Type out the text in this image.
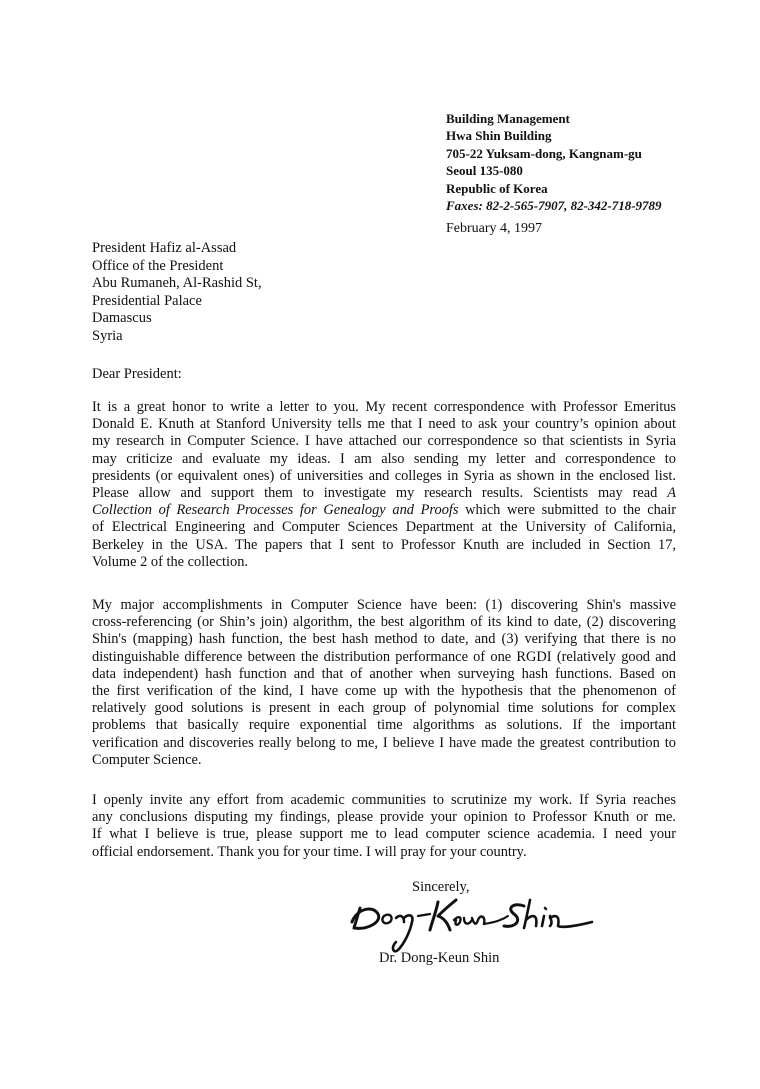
Building Management
Hwa Shin Building
705-22 Yuksam-dong, Kangnam-gu
Seoul 135-080
Republic of Korea
Faxes: 82-2-565-7907, 82-342-718-9789
February 4, 1997
President Hafiz al-Assad
Office of the President
Abu Rumaneh, Al-Rashid St,
Presidential Palace
Damascus
Syria
Dear President:
It is a great honor to write a letter to you. My recent correspondence with Professor Emeritus
Donald E. Knuth at Stanford University tells me that I need to ask your country’s opinion about
my research in Computer Science. I have attached our correspondence so that scientists in Syria
may criticize and evaluate my ideas. I am also sending my letter and correspondence to
presidents (or equivalent ones) of universities and colleges in Syria as shown in the enclosed list.
Please allow and support them to investigate my research results. Scientists may read A
Collection of Research Processes for Genealogy and Proofs which were submitted to the chair
of Electrical Engineering and Computer Sciences Department at the University of California,
Berkeley in the USA. The papers that I sent to Professor Knuth are included in Section 17,
Volume 2 of the collection.
My major accomplishments in Computer Science have been: (1) discovering Shin's massive
cross-referencing (or Shin’s join) algorithm, the best algorithm of its kind to date, (2) discovering
Shin's (mapping) hash function, the best hash method to date, and (3) verifying that there is no
distinguishable difference between the distribution performance of one RGDI (relatively good and
data independent) hash function and that of another when surveying hash functions. Based on
the first verification of the kind, I have come up with the hypothesis that the phenomenon of
relatively good solutions is present in each group of polynomial time solutions for complex
problems that basically require exponential time algorithms as solutions. If the important
verification and discoveries really belong to me, I believe I have made the greatest contribution to
Computer Science.
I openly invite any effort from academic communities to scrutinize my work. If Syria reaches
any conclusions disputing my findings, please provide your opinion to Professor Knuth or me.
If what I believe is true, please support me to lead computer science academia. I need your
official endorsement. Thank you for your time. I will pray for your country.
Sincerely,
Dr. Dong-Keun Shin
